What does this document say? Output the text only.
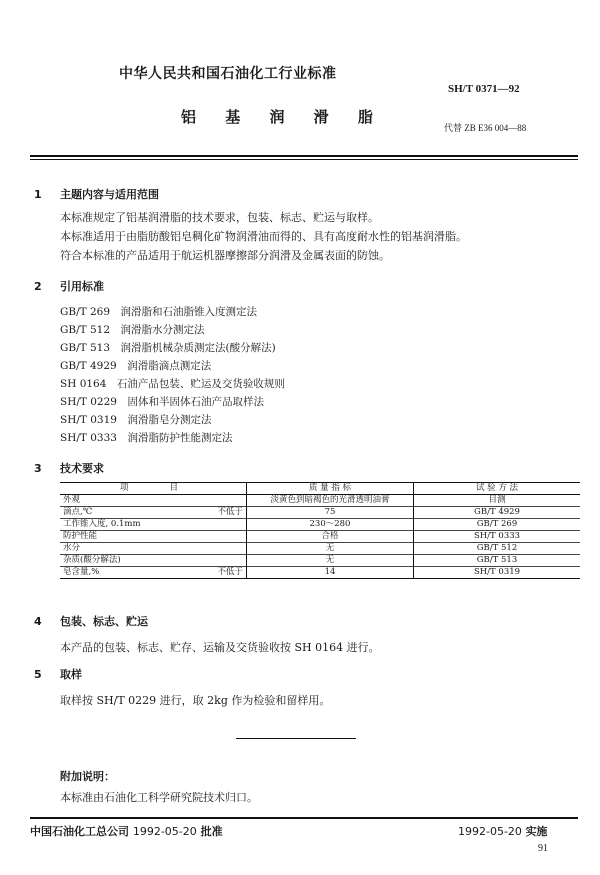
中华人民共和国石油化工行业标准
SH/T 0371—92
铝 基 润 滑 脂
代替 ZB E36 004—88
1 主题内容与适用范围
本标准规定了铝基润滑脂的技术要求，包装、标志、贮运与取样。
本标准适用于由脂肪酸铝皂稠化矿物润滑油而得的、具有高度耐水性的铝基润滑脂。
符合本标准的产品适用于航运机器摩擦部分润滑及金属表面的防蚀。
2 引用标准
GB/T 269　润滑脂和石油脂锥入度测定法
GB/T 512　润滑脂水分测定法
GB/T 513　润滑脂机械杂质测定法(酸分解法)
GB/T 4929　润滑脂滴点测定法
SH 0164　石油产品包装、贮运及交货验收规则
SH/T 0229　固体和半固体石油产品取样法
SH/T 0319　润滑脂皂分测定法
SH/T 0333　润滑脂防护性能测定法
3 技术要求
项　　目	质 量 指 标	试 验 方 法
外观	淡黄色到暗褐色的光滑透明油膏	目测
滴点,℃ 不低于	75	GB/T 4929
工作锥入度, 0.1mm	230～280	GB/T 269
防护性能	合格	SH/T 0333
水分	无	GB/T 512
杂质(酸分解法)	无	GB/T 513
皂含量,% 不低于	14	SH/T 0319
4 包装、标志、贮运
本产品的包装、标志、贮存、运输及交货验收按 SH 0164 进行。
5 取样
取样按 SH/T 0229 进行，取 2kg 作为检验和留样用。
附加说明：
本标准由石油化工科学研究院技术归口。
中国石油化工总公司 1992-05-20 批准	1992-05-20 实施
91
